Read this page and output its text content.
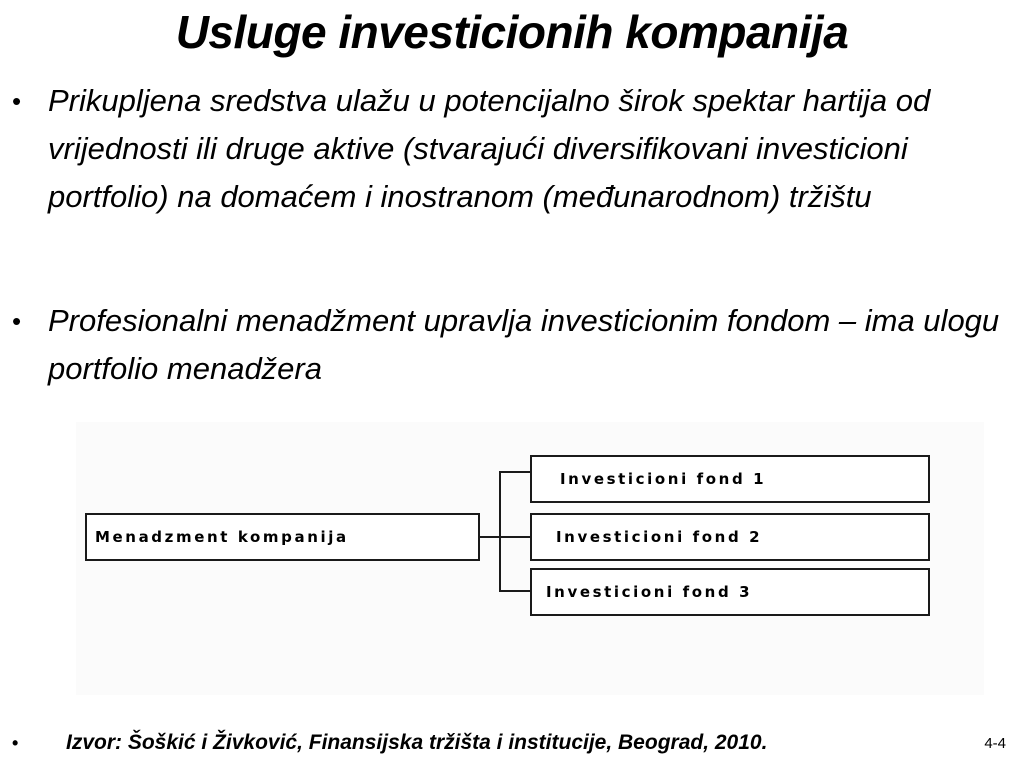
Usluge investicionih kompanija
• Prikupljena sredstva ulažu u potencijalno širok spektar hartija od vrijednosti ili druge aktive (stvarajući diversifikovani investicioni portfolio) na domaćem i inostranom (međunarodnom) tržištu
• Profesionalni menadžment upravlja investicionim fondom – ima ulogu portfolio menadžera
Menadzment kompanija
Investicioni fond 1
Investicioni fond 2
Investicioni fond 3
•	Izvor: Šoškić i Živković, Finansijska tržišta i institucije, Beograd, 2010.	4-4
